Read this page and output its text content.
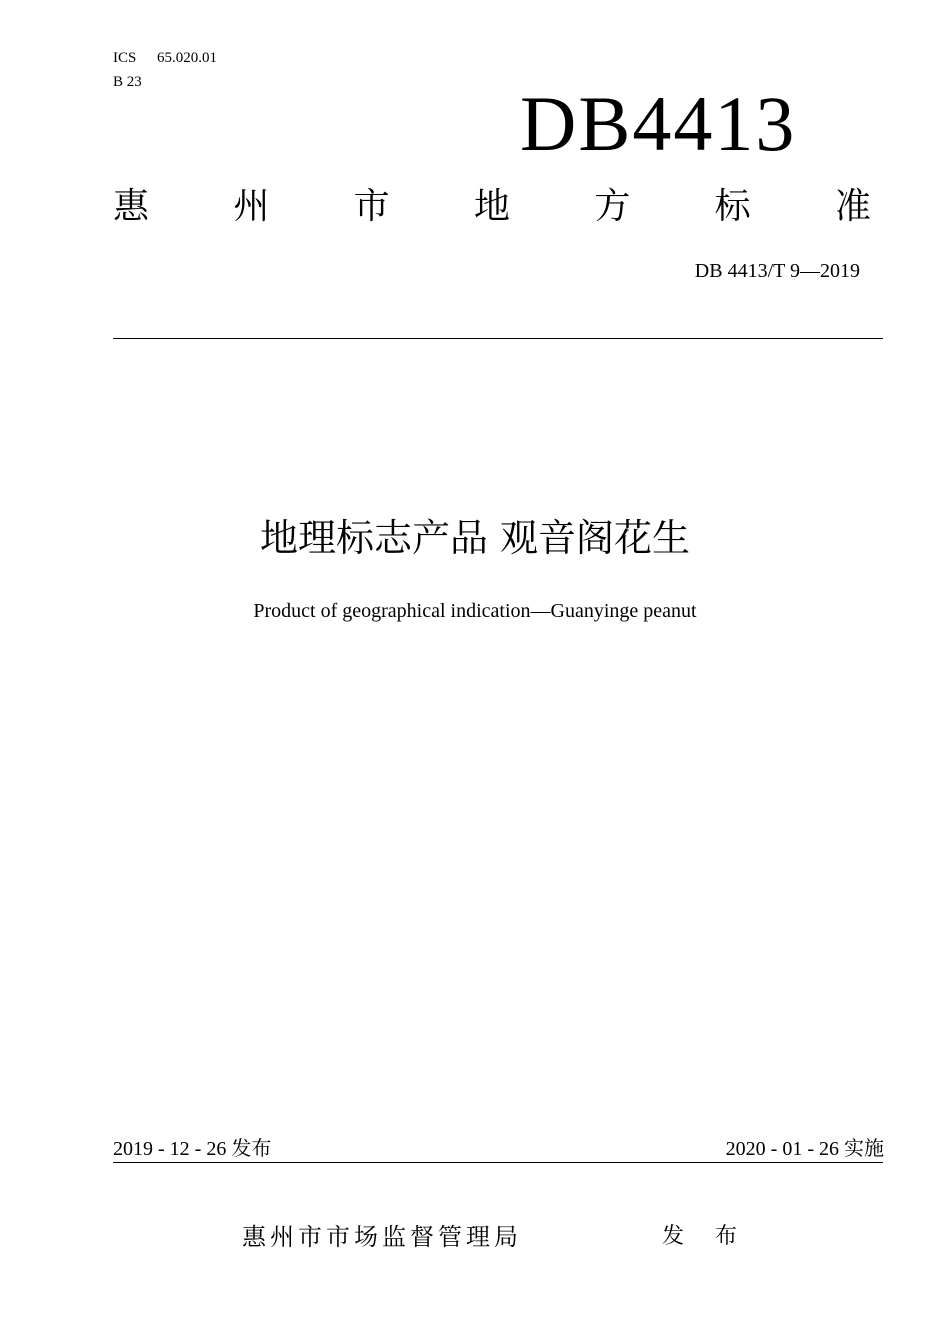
ICS 65.020.01
B 23	DB4413
惠 州 市 地 方 标 准
DB 4413/T 9—2019
地理标志产品 观音阁花生
Product of geographical indication—Guanyinge peanut
2019 - 12 - 26 发布	2020 - 01 - 26 实施
惠州市市场监督管理局	发 布
